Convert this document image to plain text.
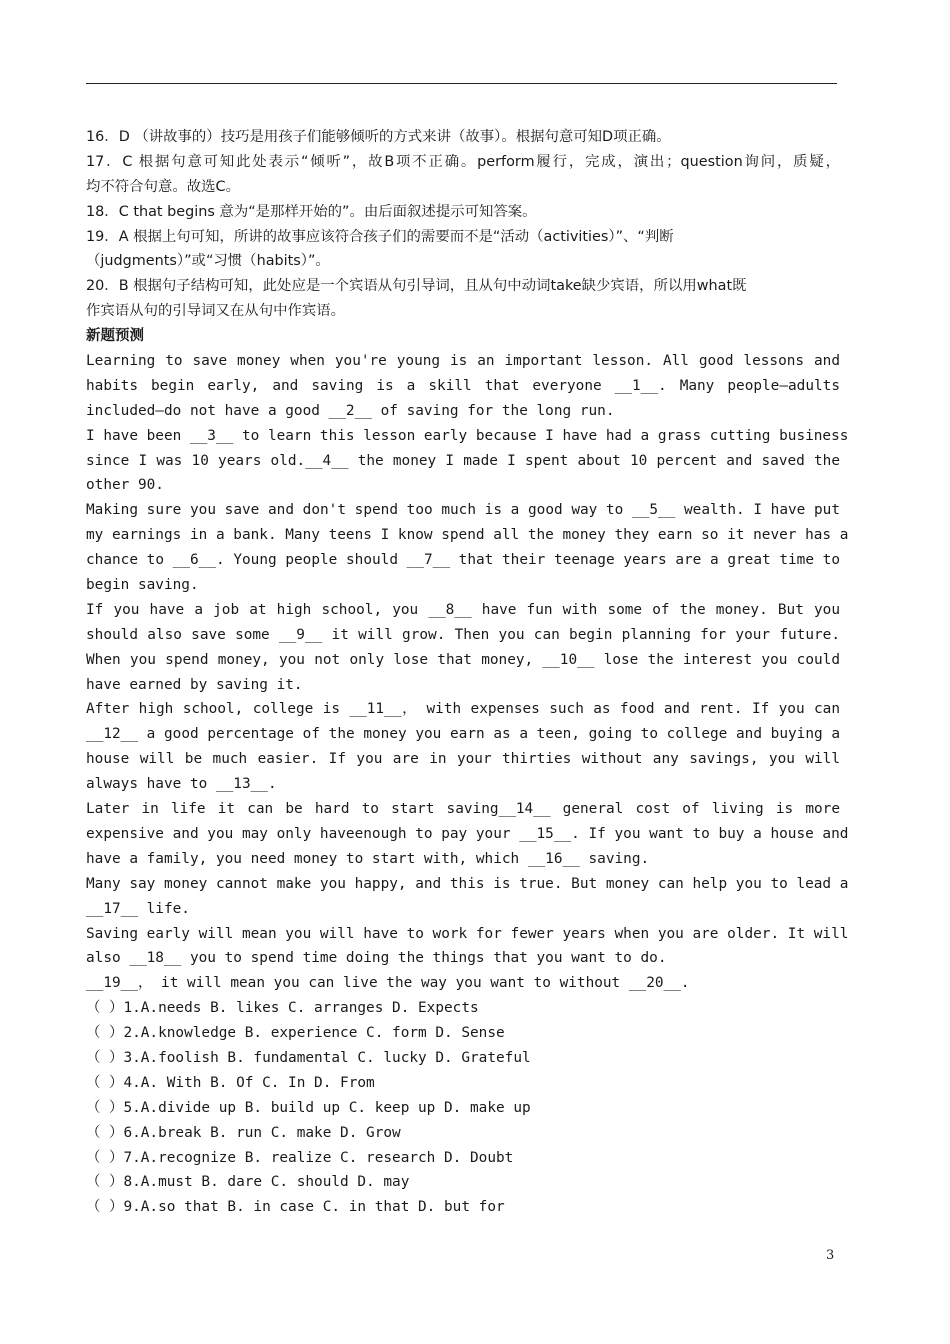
16．D （讲故事的）技巧是用孩子们能够倾听的方式来讲（故事）。根据句意可知D项正确。
17．C 根据句意可知此处表示“倾听”，故B项不正确。perform履行，完成，演出；question询问，质疑，
均不符合句意。故选C。
18．C that begins 意为“是那样开始的”。由后面叙述提示可知答案。
19．A 根据上句可知，所讲的故事应该符合孩子们的需要而不是“活动（activities）”、“判断
（judgments）”或“习惯（habits）”。
20．B 根据句子结构可知，此处应是一个宾语从句引导词，且从句中动词take缺少宾语，所以用what既
作宾语从句的引导词又在从句中作宾语。
新题预测
Learning to save money when you're young is an important lesson. All good lessons and
habits begin early, and saving is a skill that everyone __1__. Many people—adults
included—do not have a good __2__ of saving for the long run.
I have been __3__ to learn this lesson early because I have had a grass cutting business
since I was 10 years old.__4__ the money I made I spent about 10 percent and saved the
other 90.
Making sure you save and don't spend too much is a good way to __5__ wealth. I have put
my earnings in a bank. Many teens I know spend all the money they earn so it never has a
chance to __6__. Young people should __7__ that their teenage years are a great time to
begin saving.
If you have a job at high school, you __8__ have fun with some of the money. But you
should also save some __9__ it will grow. Then you can begin planning for your future.
When you spend money, you not only lose that money, __10__ lose the interest you could
have earned by saving it.
After high school, college is __11__， with expenses such as food and rent. If you can
__12__ a good percentage of the money you earn as a teen, going to college and buying a
house will be much easier. If you are in your thirties without any savings, you will
always have to __13__.
Later in life it can be hard to start saving__14__ general cost of living is more
expensive and you may only haveenough to pay your __15__. If you want to buy a house and
have a family, you need money to start with, which __16__ saving.
Many say money cannot make you happy, and this is true. But money can help you to lead a
__17__ life.
Saving early will mean you will have to work for fewer years when you are older. It will
also __18__ you to spend time doing the things that you want to do.
__19__， it will mean you can live the way you want to without __20__.
（ ）1.A.needs B. likes C. arranges D. Expects
（ ）2.A.knowledge B. experience C. form D. Sense
（ ）3.A.foolish B. fundamental C. lucky D. Grateful
（ ）4.A. With B. Of C. In D. From
（ ）5.A.divide up B. build up C. keep up D. make up
（ ）6.A.break B. run C. make D. Grow
（ ）7.A.recognize B. realize C. research D. Doubt
（ ）8.A.must B. dare C. should D. may
（ ）9.A.so that B. in case C. in that D. but for
3
